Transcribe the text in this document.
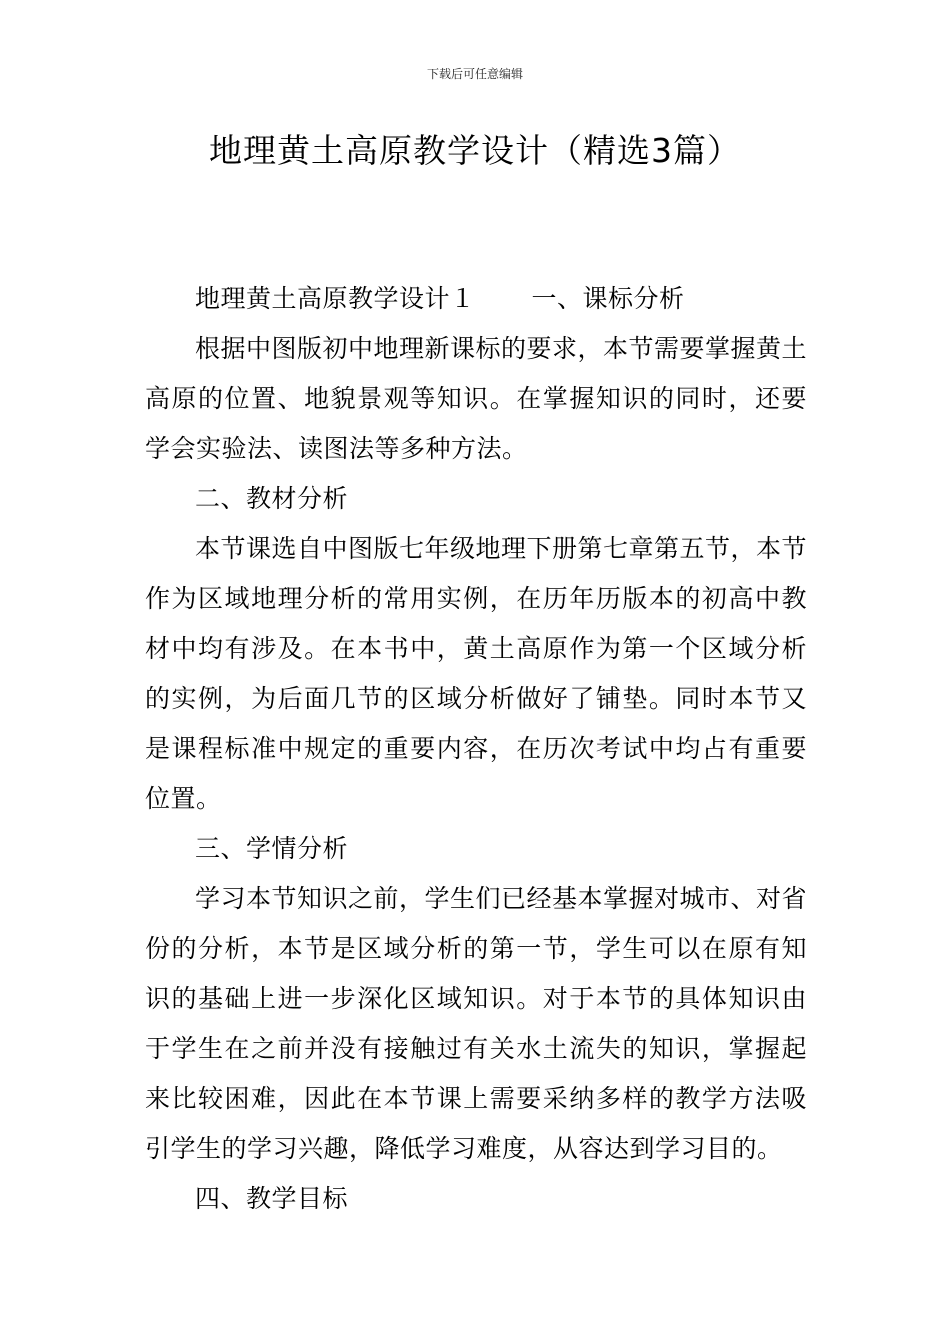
下载后可任意编辑
地理黄土高原教学设计（精选3篇）

地理黄土高原教学设计１ 一、课标分析

根据中图版初中地理新课标的要求，本节需要掌握黄土高原的位置、地貌景观等知识。在掌握知识的同时，还要学会实验法、读图法等多种方法。

二、教材分析

本节课选自中图版七年级地理下册第七章第五节，本节作为区域地理分析的常用实例，在历年历版本的初高中教材中均有涉及。在本书中，黄土高原作为第一个区域分析的实例，为后面几节的区域分析做好了铺垫。同时本节又是课程标准中规定的重要内容，在历次考试中均占有重要位置。

三、学情分析

学习本节知识之前，学生们已经基本掌握对城市、对省份的分析，本节是区域分析的第一节，学生可以在原有知识的基础上进一步深化区域知识。对于本节的具体知识由于学生在之前并没有接触过有关水土流失的知识，掌握起来比较困难，因此在本节课上需要采纳多样的教学方法吸引学生的学习兴趣，降低学习难度，从容达到学习目的。

四、教学目标
